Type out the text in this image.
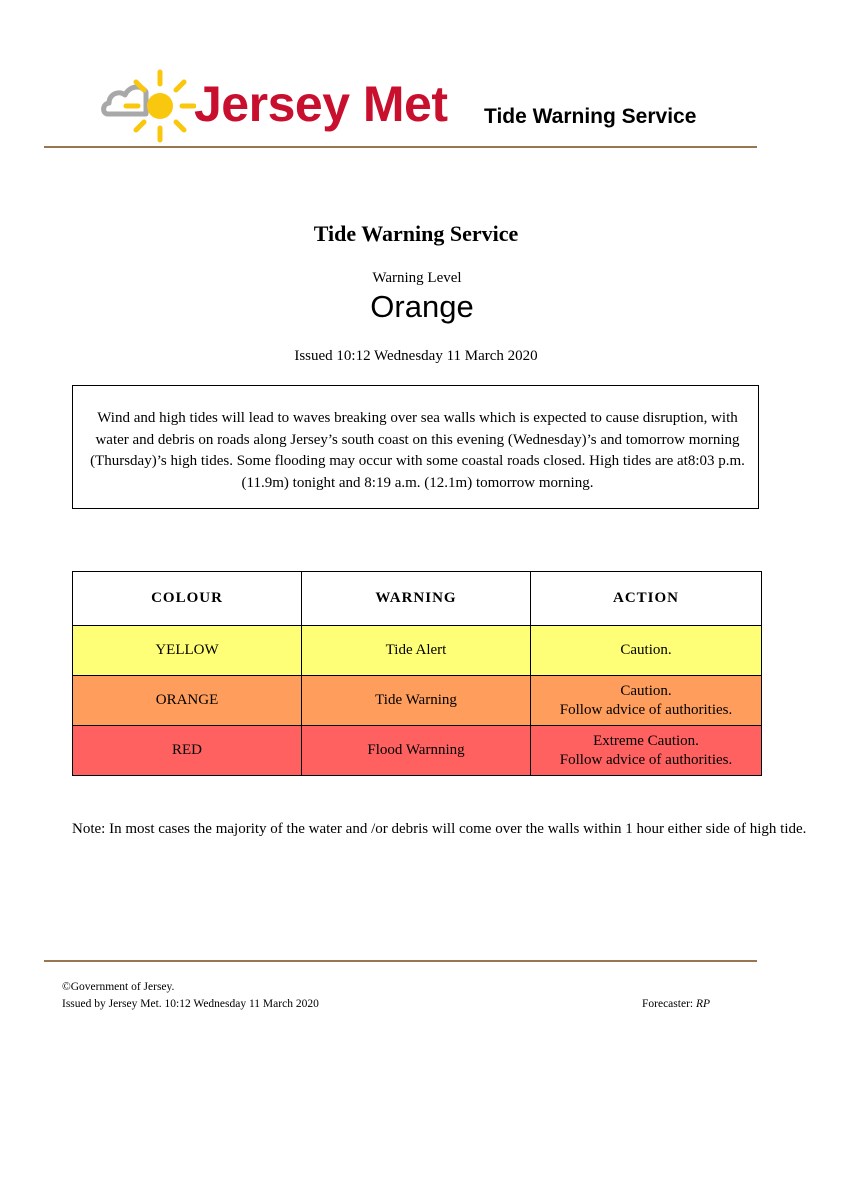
Jersey Met Tide Warning Service
Tide Warning Service
Warning Level
Orange
Issued 10:12 Wednesday 11 March 2020
Wind and high tides will lead to waves breaking over sea walls which is expected to cause disruption, with water and debris on roads along Jersey’s south coast on this evening (Wednesday)’s and tomorrow morning (Thursday)’s high tides. Some flooding may occur with some coastal roads closed. High tides are at8:03 p.m. (11.9m) tonight and 8:19 a.m. (12.1m) tomorrow morning.
COLOUR	WARNING	ACTION
YELLOW	Tide Alert	Caution.

ORANGE	Tide Warning	Caution.
Follow advice of authorities.

RED	Flood Warnning	Extreme Caution.
Follow advice of authorities.
Note: In most cases the majority of the water and /or debris will come over the walls within 1 hour either side of high tide.
©Government of Jersey.
Issued by Jersey Met. 10:12 Wednesday 11 March 2020	Forecaster: RP
